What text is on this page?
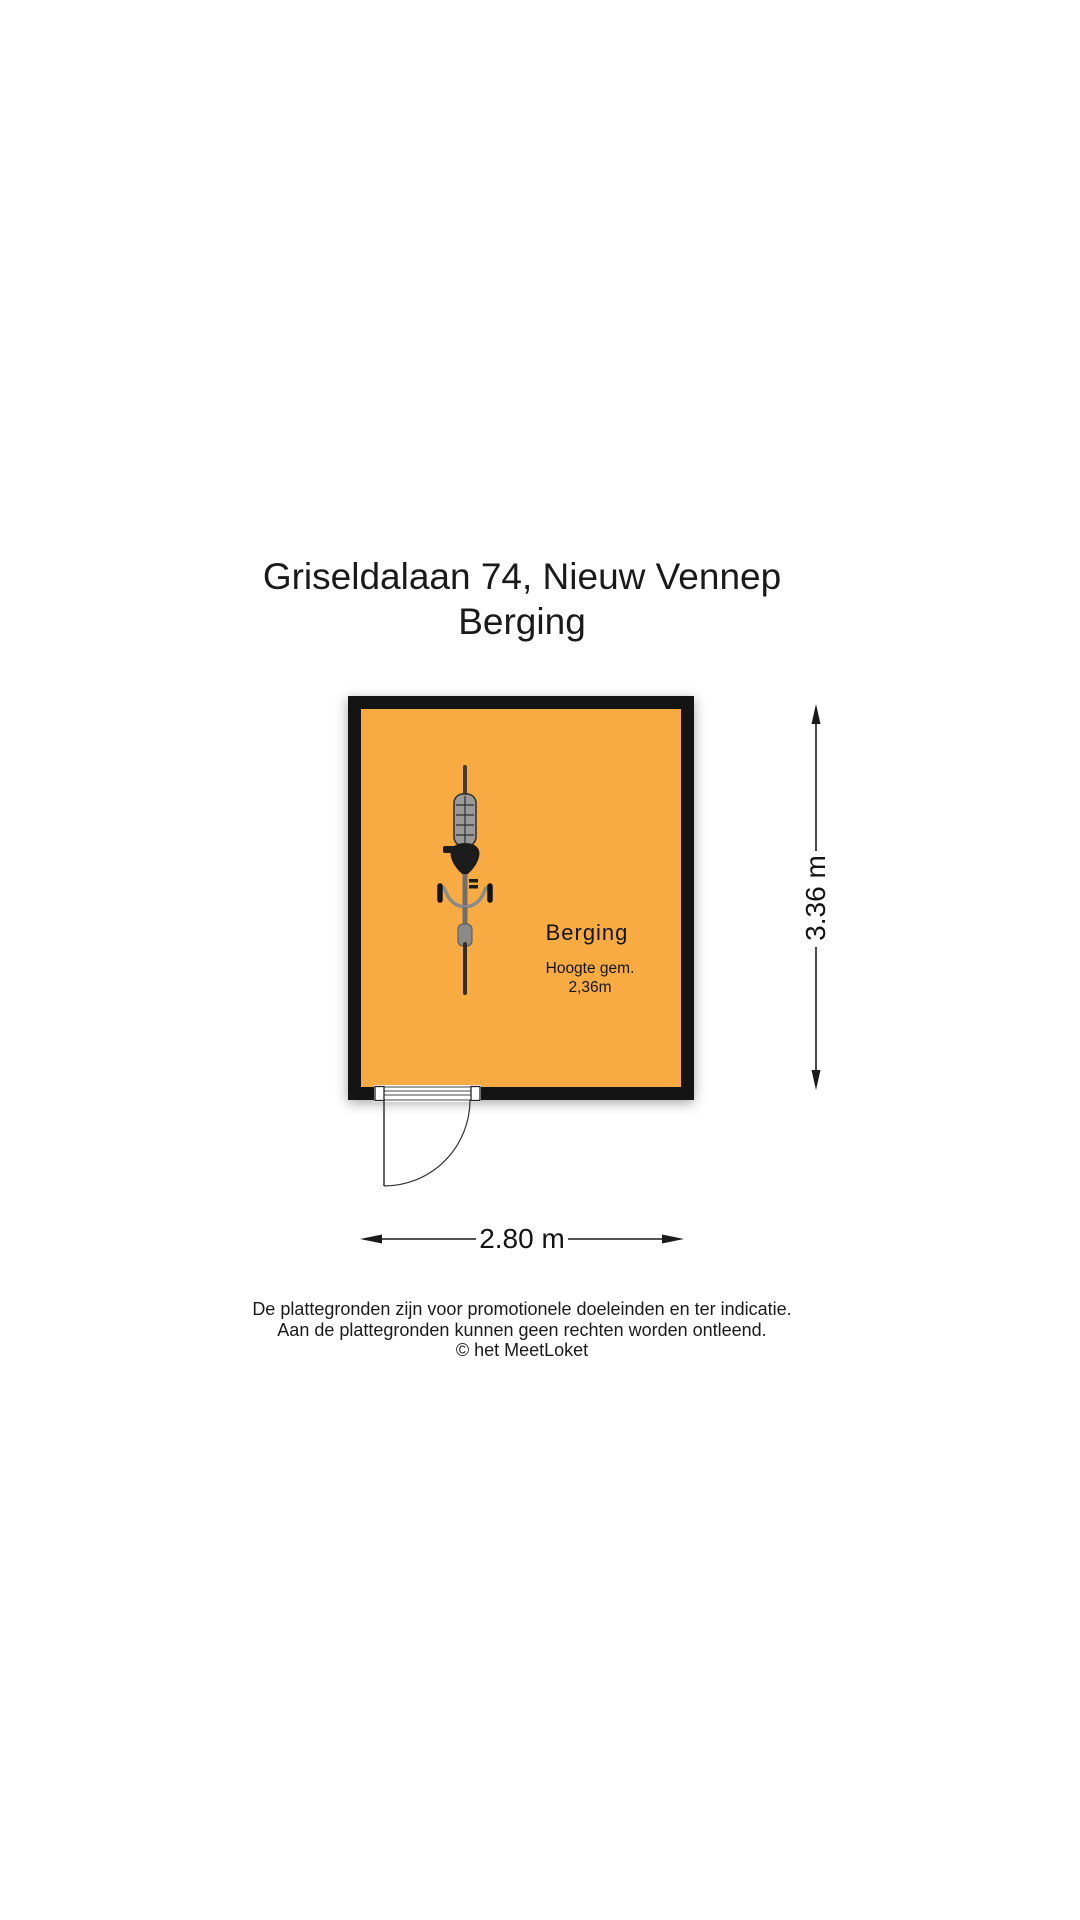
Griseldalaan 74, Nieuw Vennep
Berging
Berging
Hoogte gem.
2,36m
3.36 m
2.80 m
De plattegronden zijn voor promotionele doeleinden en ter indicatie.
Aan de plattegronden kunnen geen rechten worden ontleend.
© het MeetLoket
